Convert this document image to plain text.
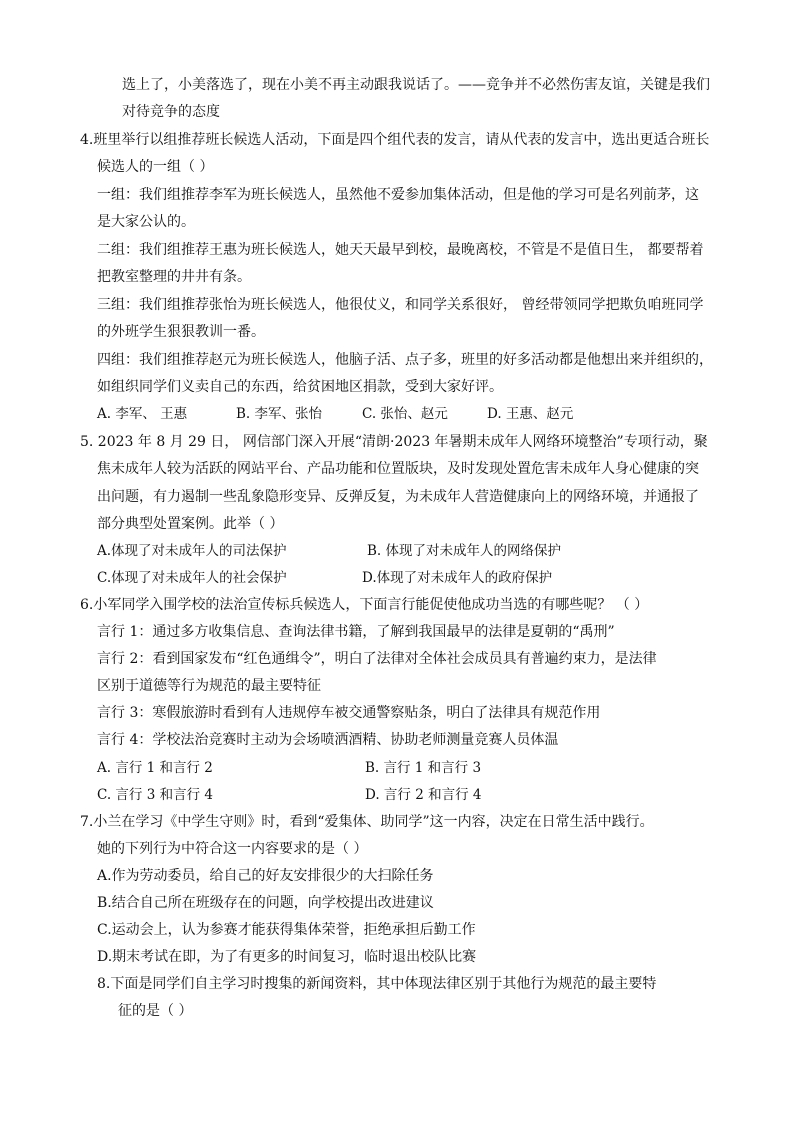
选上了，小美落选了，现在小美不再主动跟我说话了。——竞争并不必然伤害友谊，关键是我们
对待竞争的态度
4.班里举行以组推荐班长候选人活动，下面是四个组代表的发言，请从代表的发言中，选出更适合班长
候选人的一组（ ）
一组：我们组推荐李军为班长候选人，虽然他不爱参加集体活动，但是他的学习可是名列前茅，这
是大家公认的。
二组：我们组推荐王惠为班长候选人，她天天最早到校，最晚离校，不管是不是值日生， 都要帮着
把教室整理的井井有条。
三组：我们组推荐张怡为班长候选人，他很仗义，和同学关系很好， 曾经带领同学把欺负咱班同学
的外班学生狠狠教训一番。
四组：我们组推荐赵元为班长候选人，他脑子活、点子多，班里的好多活动都是他想出来并组织的，
如组织同学们义卖自己的东西，给贫困地区捐款，受到大家好评。
A. 李军、 王惠	B. 李军、张怡	C. 张怡、赵元	D. 王惠、赵元
5. 2023 年 8 月 29 日， 网信部门深入开展“清朗·2023 年暑期未成年人网络环境整治”专项行动，聚
焦未成年人较为活跃的网站平台、产品功能和位置版块，及时发现处置危害未成年人身心健康的突
出问题，有力遏制一些乱象隐形变异、反弹反复，为未成年人营造健康向上的网络环境，并通报了
部分典型处置案例。此举（ ）
A.体现了对未成年人的司法保护	B. 体现了对未成年人的网络保护
C.体现了对未成年人的社会保护	D.体现了对未成年人的政府保护
6.小军同学入围学校的法治宣传标兵候选人，下面言行能促使他成功当选的有哪些呢？ （ ）
言行 1：通过多方收集信息、查询法律书籍，了解到我国最早的法律是夏朝的“禹刑”
言行 2：看到国家发布“红色通缉令”，明白了法律对全体社会成员具有普遍约束力，是法律
区别于道德等行为规范的最主要特征
言行 3：寒假旅游时看到有人违规停车被交通警察贴条，明白了法律具有规范作用
言行 4：学校法治竞赛时主动为会场喷洒酒精、协助老师测量竞赛人员体温
A. 言行 1 和言行 2	B. 言行 1 和言行 3
C. 言行 3 和言行 4	D. 言行 2 和言行 4
7.小兰在学习《中学生守则》时，看到“爱集体、助同学”这一内容，决定在日常生活中践行。
她的下列行为中符合这一内容要求的是（ ）
A.作为劳动委员，给自己的好友安排很少的大扫除任务
B.结合自己所在班级存在的问题，向学校提出改进建议
C.运动会上，认为参赛才能获得集体荣誉，拒绝承担后勤工作
D.期末考试在即，为了有更多的时间复习，临时退出校队比赛
8.下面是同学们自主学习时搜集的新闻资料，其中体现法律区别于其他行为规范的最主要特
征的是（ ）
